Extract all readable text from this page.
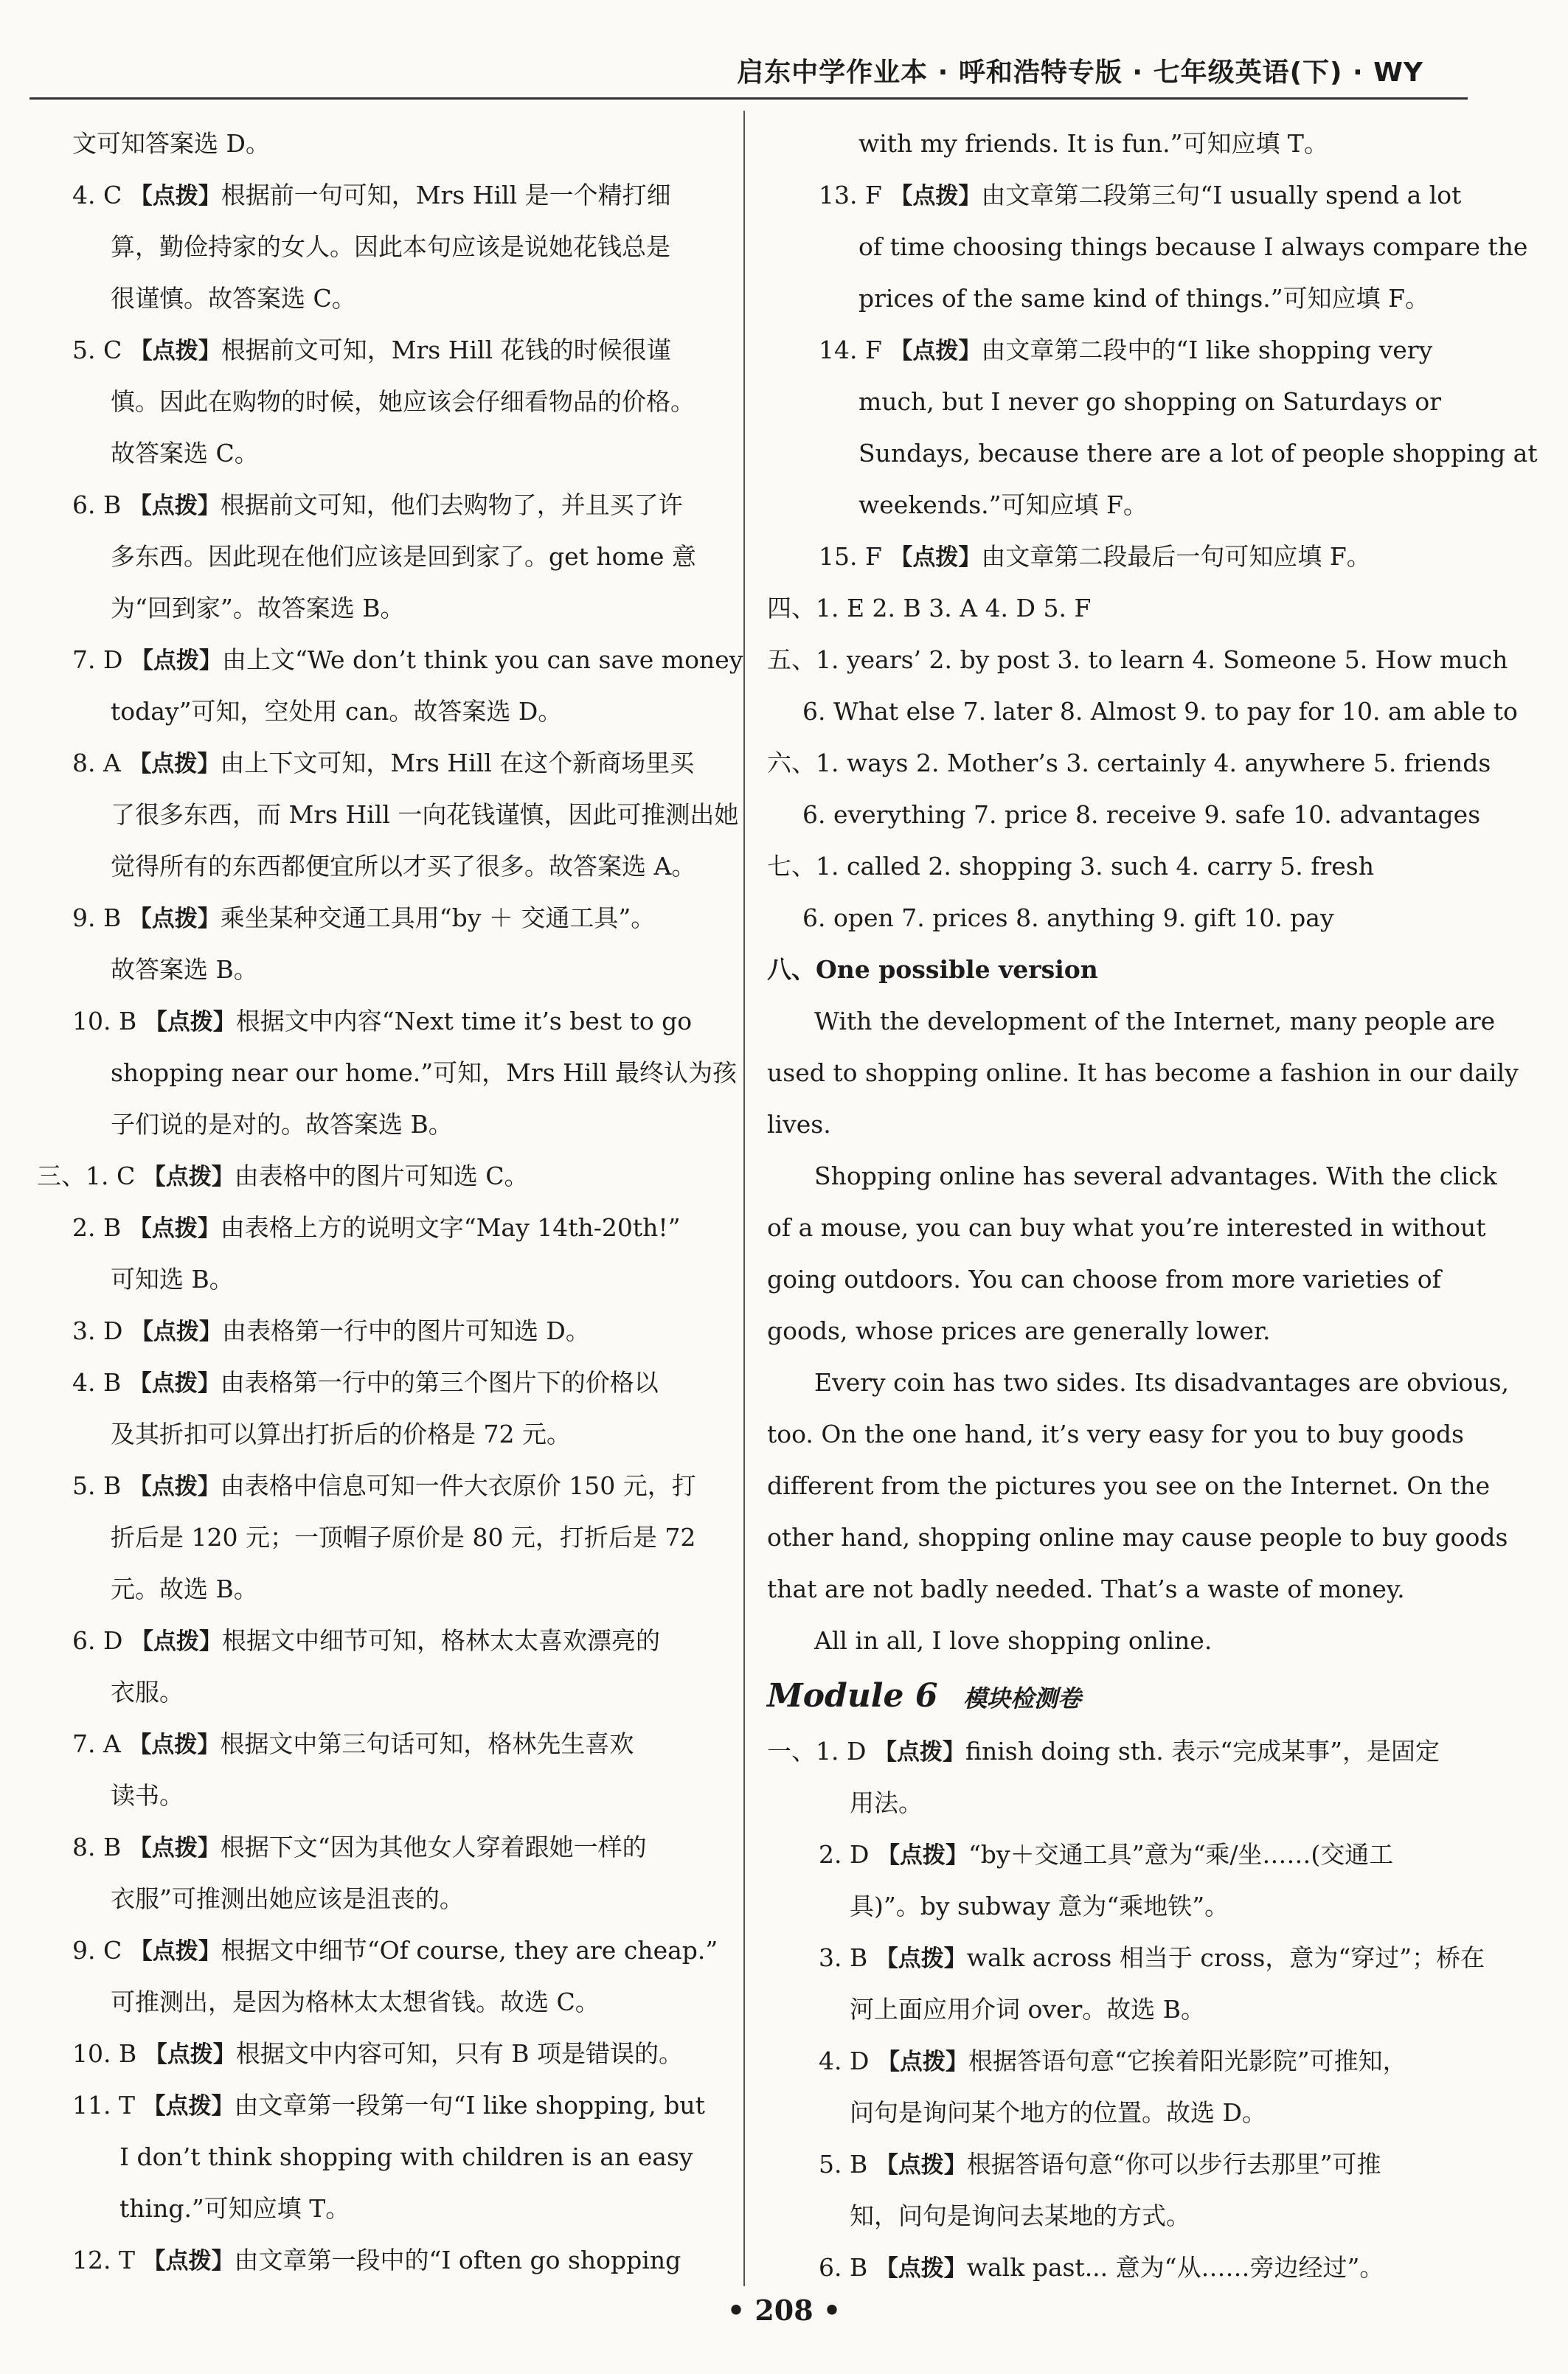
启东中学作业本 · 呼和浩特专版 · 七年级英语(下) · WY
文可知答案选 D。
4. C 【点拨】根据前一句可知，Mrs Hill 是一个精打细
算，勤俭持家的女人。因此本句应该是说她花钱总是
很谨慎。故答案选 C。
5. C 【点拨】根据前文可知，Mrs Hill 花钱的时候很谨
慎。因此在购物的时候，她应该会仔细看物品的价格。
故答案选 C。
6. B 【点拨】根据前文可知，他们去购物了，并且买了许
多东西。因此现在他们应该是回到家了。get home 意
为“回到家”。故答案选 B。
7. D 【点拨】由上文“We don’t think you can save money
today”可知，空处用 can。故答案选 D。
8. A 【点拨】由上下文可知，Mrs Hill 在这个新商场里买
了很多东西，而 Mrs Hill 一向花钱谨慎，因此可推测出她
觉得所有的东西都便宜所以才买了很多。故答案选 A。
9. B 【点拨】乘坐某种交通工具用“by ＋ 交通工具”。
故答案选 B。
10. B 【点拨】根据文中内容“Next time it’s best to go
shopping near our home.”可知，Mrs Hill 最终认为孩
子们说的是对的。故答案选 B。
三、1. C 【点拨】由表格中的图片可知选 C。
2. B 【点拨】由表格上方的说明文字“May 14th-20th!”
可知选 B。
3. D 【点拨】由表格第一行中的图片可知选 D。
4. B 【点拨】由表格第一行中的第三个图片下的价格以
及其折扣可以算出打折后的价格是 72 元。
5. B 【点拨】由表格中信息可知一件大衣原价 150 元，打
折后是 120 元；一顶帽子原价是 80 元，打折后是 72
元。故选 B。
6. D 【点拨】根据文中细节可知，格林太太喜欢漂亮的
衣服。
7. A 【点拨】根据文中第三句话可知，格林先生喜欢
读书。
8. B 【点拨】根据下文“因为其他女人穿着跟她一样的
衣服”可推测出她应该是沮丧的。
9. C 【点拨】根据文中细节“Of course, they are cheap.”
可推测出，是因为格林太太想省钱。故选 C。
10. B 【点拨】根据文中内容可知，只有 B 项是错误的。
11. T 【点拨】由文章第一段第一句“I like shopping, but
I don’t think shopping with children is an easy
thing.”可知应填 T。
12. T 【点拨】由文章第一段中的“I often go shopping
with my friends. It is fun.”可知应填 T。
13. F 【点拨】由文章第二段第三句“I usually spend a lot
of time choosing things because I always compare the
prices of the same kind of things.”可知应填 F。
14. F 【点拨】由文章第二段中的“I like shopping very
much, but I never go shopping on Saturdays or
Sundays, because there are a lot of people shopping at
weekends.”可知应填 F。
15. F 【点拨】由文章第二段最后一句可知应填 F。
四、1. E 2. B 3. A 4. D 5. F
五、1. years’ 2. by post 3. to learn 4. Someone 5. How much
6. What else 7. later 8. Almost 9. to pay for 10. am able to
六、1. ways 2. Mother’s 3. certainly 4. anywhere 5. friends
6. everything 7. price 8. receive 9. safe 10. advantages
七、1. called 2. shopping 3. such 4. carry 5. fresh
6. open 7. prices 8. anything 9. gift 10. pay
八、One possible version
With the development of the Internet, many people are
used to shopping online. It has become a fashion in our daily
lives.
Shopping online has several advantages. With the click
of a mouse, you can buy what you’re interested in without
going outdoors. You can choose from more varieties of
goods, whose prices are generally lower.
Every coin has two sides. Its disadvantages are obvious,
too. On the one hand, it’s very easy for you to buy goods
different from the pictures you see on the Internet. On the
other hand, shopping online may cause people to buy goods
that are not badly needed. That’s a waste of money.
All in all, I love shopping online.
Module 6 模块检测卷
一、1. D 【点拨】finish doing sth. 表示“完成某事”，是固定
用法。
2. D 【点拨】“by＋交通工具”意为“乘/坐……(交通工
具)”。by subway 意为“乘地铁”。
3. B 【点拨】walk across 相当于 cross，意为“穿过”；桥在
河上面应用介词 over。故选 B。
4. D 【点拨】根据答语句意“它挨着阳光影院”可推知，
问句是询问某个地方的位置。故选 D。
5. B 【点拨】根据答语句意“你可以步行去那里”可推
知，问句是询问去某地的方式。
6. B 【点拨】walk past... 意为“从……旁边经过”。
• 208 •
